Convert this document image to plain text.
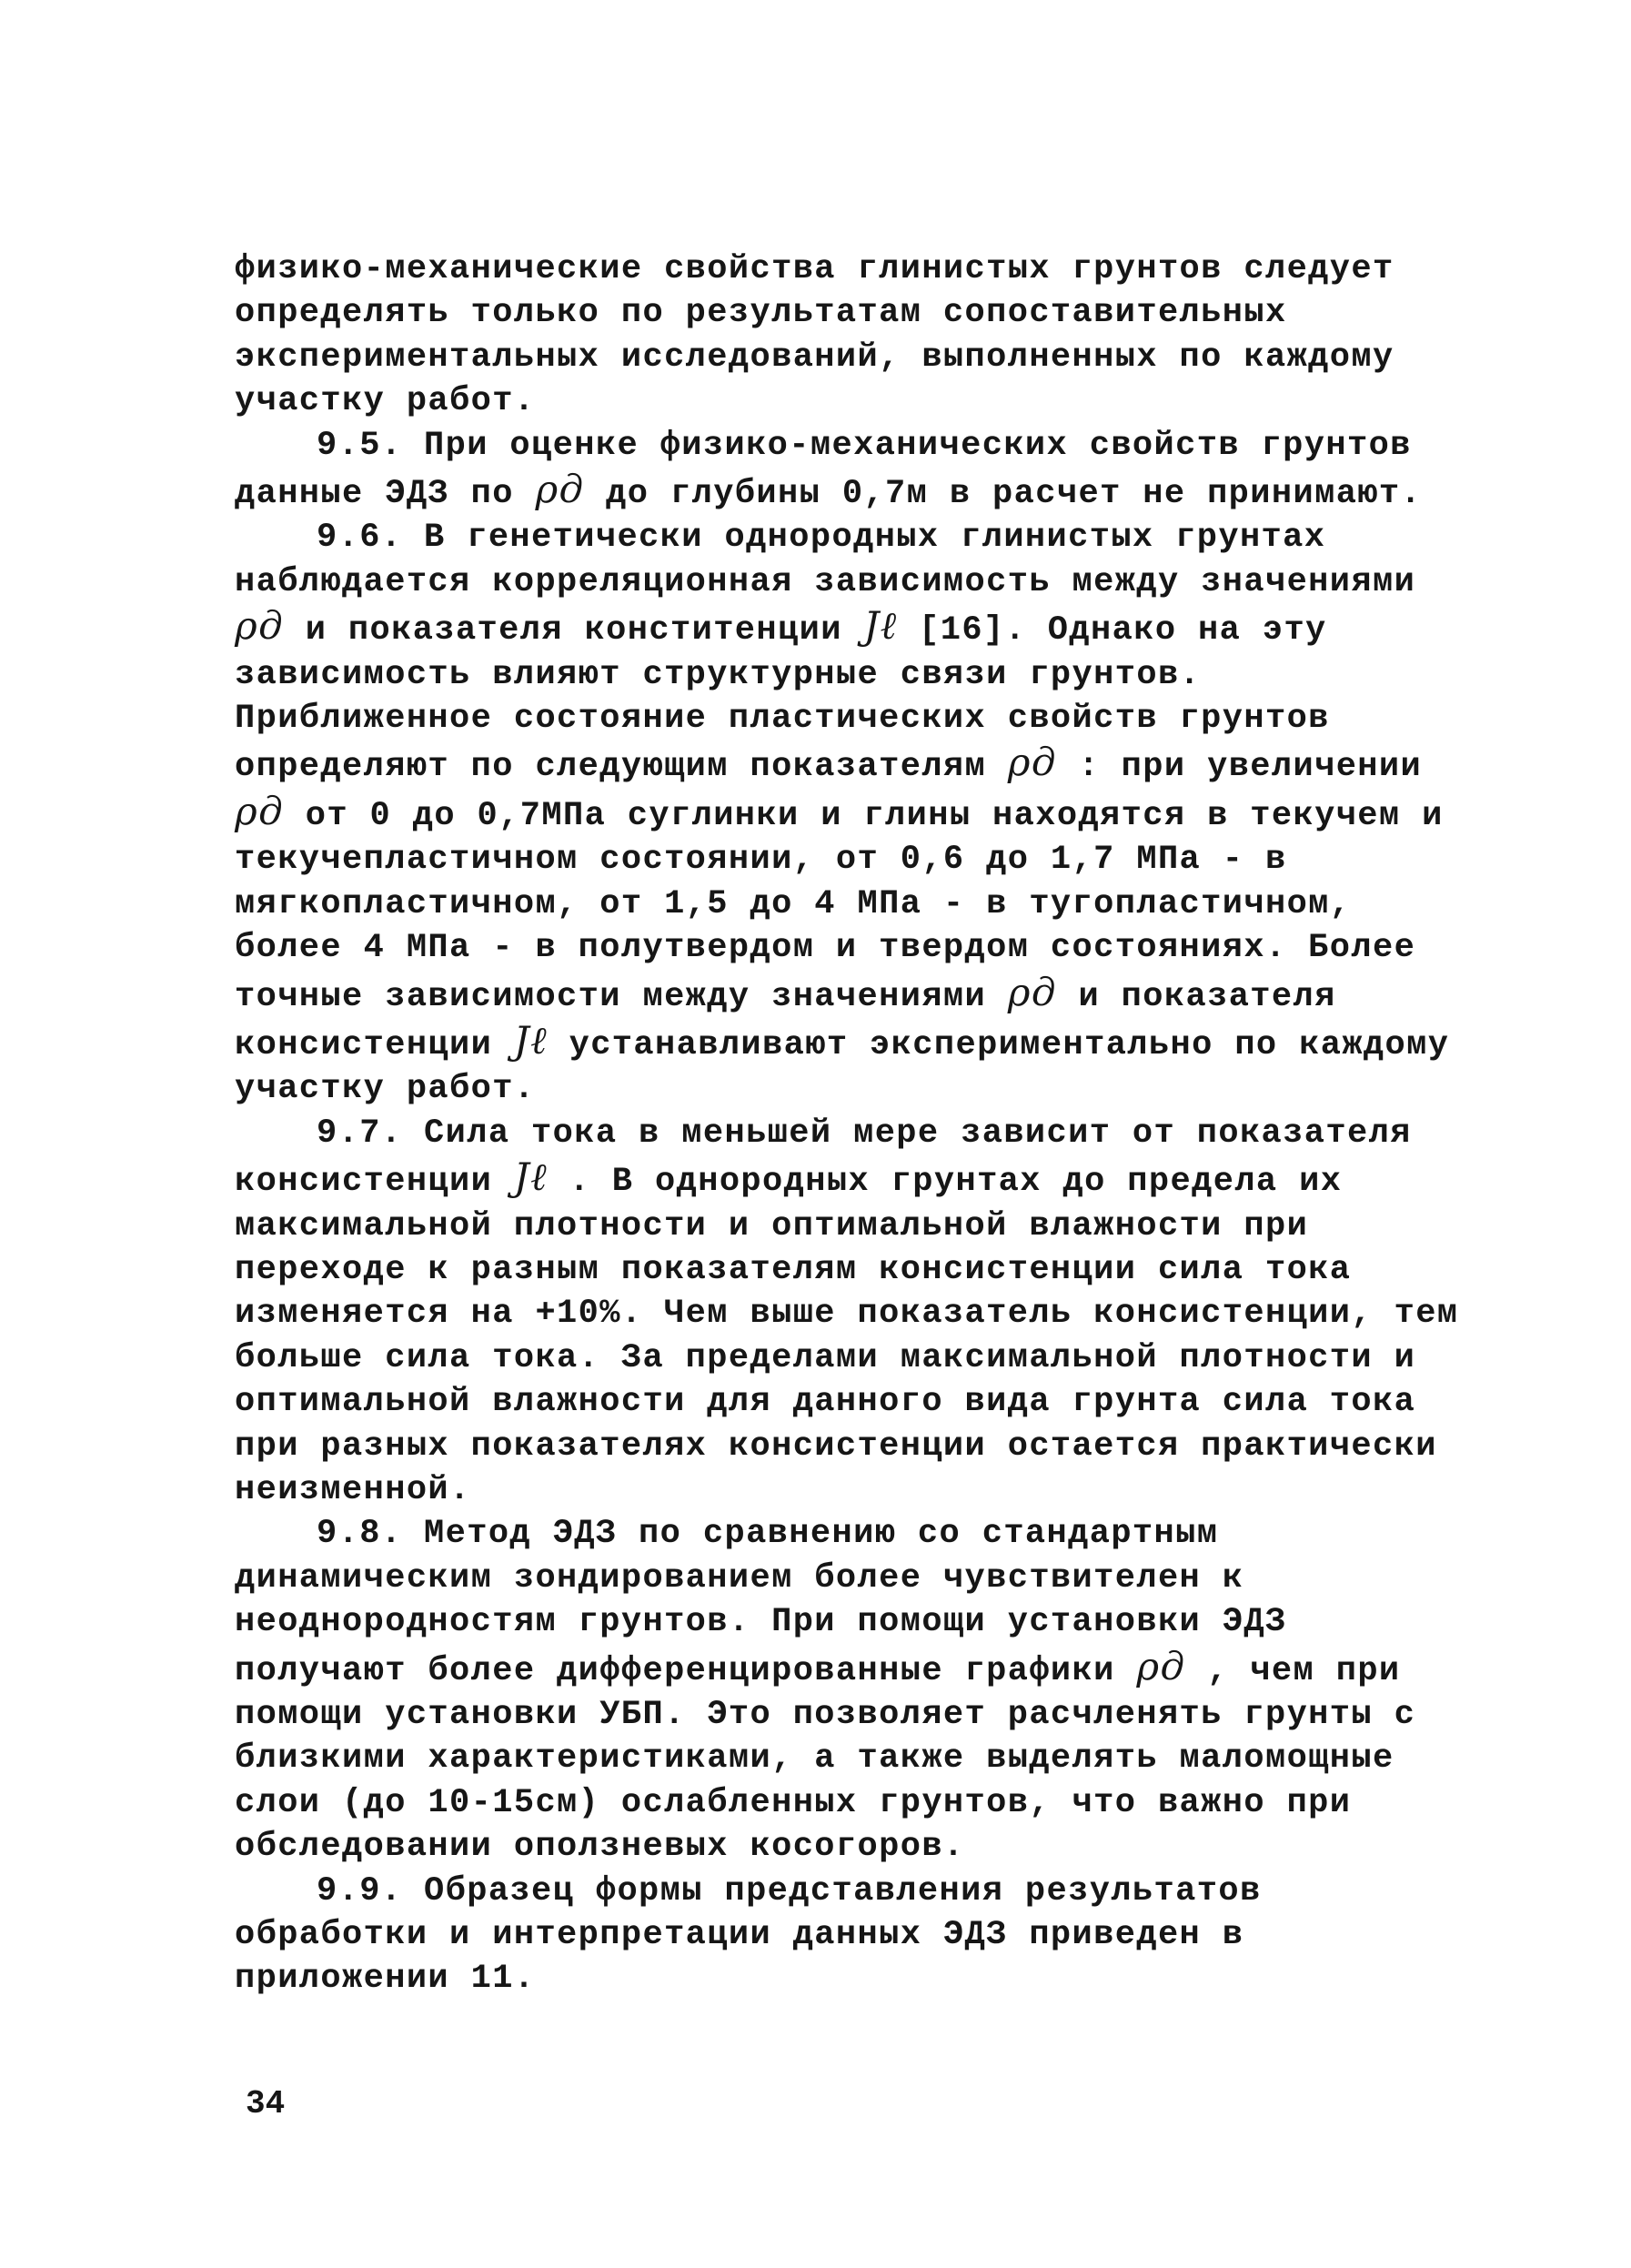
физико-механические свойства глинистых грунтов следует определять только по результатам сопоставительных экспериментальных исследований, выполненных по каждому участку работ.

9.5. При оценке физико-механических свойств грунтов данные ЭДЗ по ρд до глубины 0,7м в расчет не принимают.

9.6. В генетически однородных глинистых грунтах наблюдается корреляционная зависимость между значениями ρд и показателя конститенции Jℓ [16]. Однако на эту зависимость влияют структурные связи грунтов. Приближенное состояние пластических свойств грунтов определяют по следующим показателям ρд : при увеличении ρд от 0 до 0,7МПа суглинки и глины находятся в текучем и текучепластичном состоянии, от 0,6 до 1,7 МПа - в мягкопластичном, от 1,5 до 4 МПа - в тугопластичном, более 4 МПа - в полутвердом и твердом состояниях. Более точные зависимости между значениями ρд и показателя консистенции Jℓ устанавливают экспериментально по каждому участку работ.

9.7. Сила тока в меньшей мере зависит от показателя консистенции Jℓ . В однородных грунтах до предела их максимальной плотности и оптимальной влажности при переходе к разным показателям консистенции сила тока изменяется на +10%. Чем выше показатель консистенции, тем больше сила тока. За пределами максимальной плотности и оптимальной влажности для данного вида грунта сила тока при разных показателях консистенции остается практически неизменной.

9.8. Метод ЭДЗ по сравнению со стандартным динамическим зондированием более чувствителен к неоднородностям грунтов. При помощи установки ЭДЗ получают более дифференцированные графики ρд , чем при помощи установки УБП. Это позволяет расчленять грунты с близкими характеристиками, а также выделять маломощные слои (до 10-15см) ослабленных грунтов, что важно при обследовании оползневых косогоров.

9.9. Образец формы представления результатов обработки и интерпретации данных ЭДЗ приведен в приложении 11.

34
